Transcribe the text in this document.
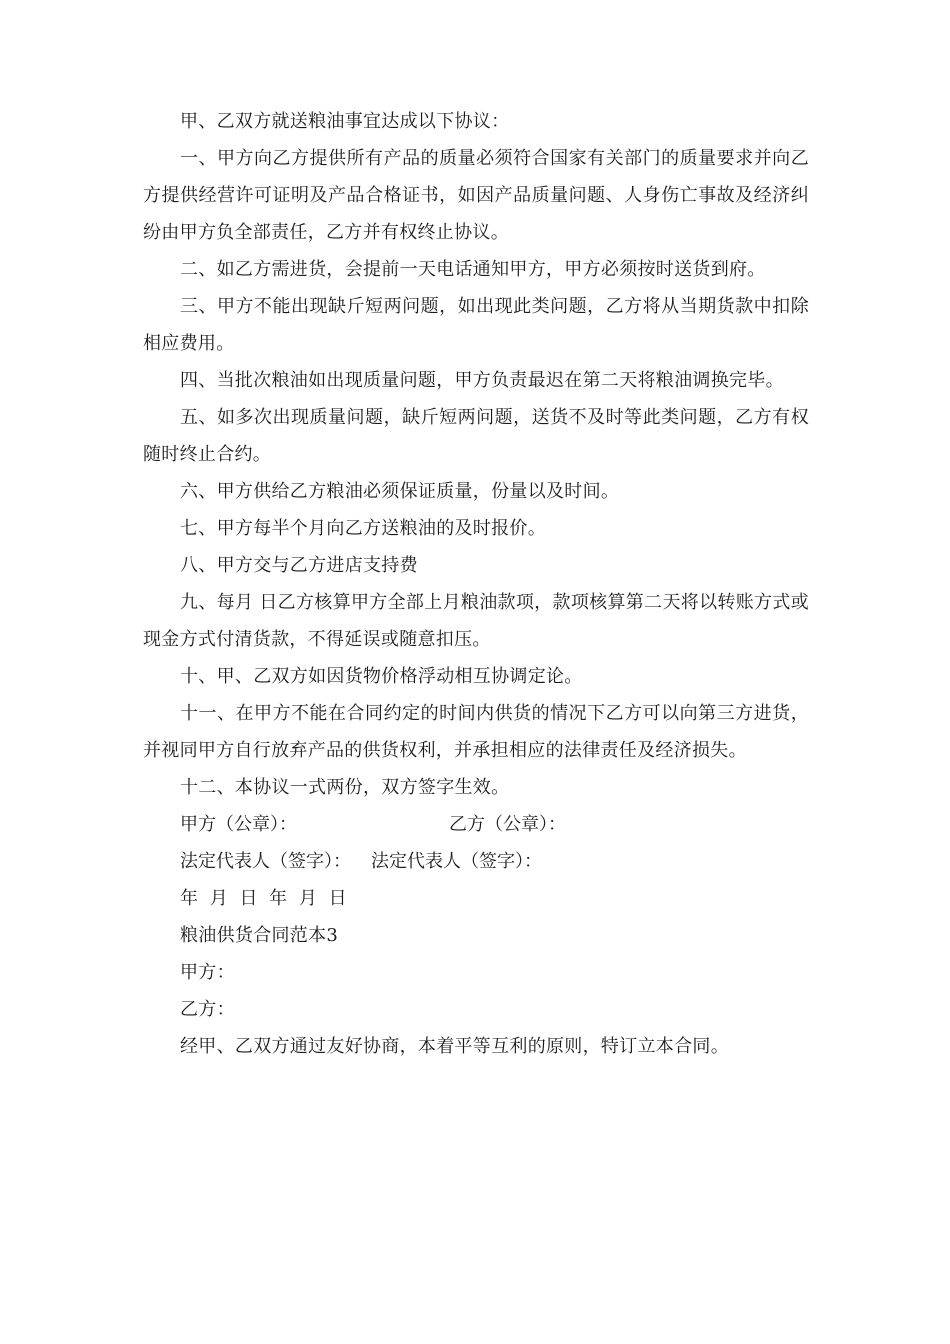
甲、乙双方就送粮油事宜达成以下协议：

一、甲方向乙方提供所有产品的质量必须符合国家有关部门的质量要求并向乙方提供经营许可证明及产品合格证书，如因产品质量问题、人身伤亡事故及经济纠纷由甲方负全部责任，乙方并有权终止协议。

二、如乙方需进货，会提前一天电话通知甲方，甲方必须按时送货到府。

三、甲方不能出现缺斤短两问题，如出现此类问题，乙方将从当期货款中扣除相应费用。

四、当批次粮油如出现质量问题，甲方负责最迟在第二天将粮油调换完毕。

五、如多次出现质量问题，缺斤短两问题，送货不及时等此类问题，乙方有权随时终止合约。

六、甲方供给乙方粮油必须保证质量，份量以及时间。

七、甲方每半个月向乙方送粮油的及时报价。

八、甲方交与乙方进店支持费

九、每月 日乙方核算甲方全部上月粮油款项，款项核算第二天将以转账方式或现金方式付清货款，不得延误或随意扣压。

十、甲、乙双方如因货物价格浮动相互协调定论。

十一、在甲方不能在合同约定的时间内供货的情况下乙方可以向第三方进货，并视同甲方自行放弃产品的供货权利，并承担相应的法律责任及经济损失。

十二、本协议一式两份，双方签字生效。

甲方（公章）：	乙方（公章）：
法定代表人（签字）： 法定代表人（签字）：
年 月 日 年 月 日

粮油供货合同范本3

甲方：

乙方：

经甲、乙双方通过友好协商，本着平等互利的原则，特订立本合同。
